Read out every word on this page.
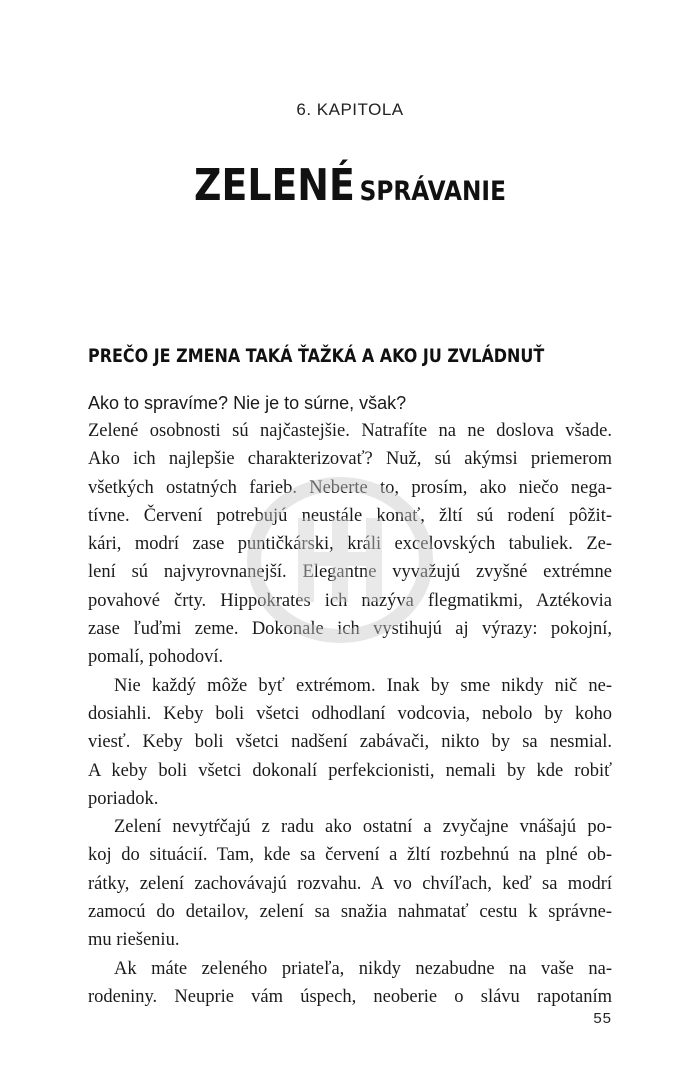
6. KAPITOLA
ZELENÉ SPRÁVANIE
PREČO JE ZMENA TAKÁ ŤAŽKÁ A AKO JU ZVLÁDNUŤ
Ako to spravíme? Nie je to súrne, však?
Zelené osobnosti sú najčastejšie. Natrafíte na ne doslova všade.
Ako ich najlepšie charakterizovať? Nuž, sú akýmsi priemerom
všetkých ostatných farieb. Neberte to, prosím, ako niečo nega-
tívne. Červení potrebujú neustále konať, žltí sú rodení pôžit-
kári, modrí zase puntičkárski, králi excelovských tabuliek. Ze-
lení sú najvyrovnanejší. Elegantne vyvažujú zvyšné extrémne
povahové črty. Hippokrates ich nazýva flegmatikmi, Aztékovia
zase ľuďmi zeme. Dokonale ich vystihujú aj výrazy: pokojní,
pomalí, pohodoví.
Nie každý môže byť extrémom. Inak by sme nikdy nič ne-
dosiahli. Keby boli všetci odhodlaní vodcovia, nebolo by koho
viesť. Keby boli všetci nadšení zabávači, nikto by sa nesmial.
A keby boli všetci dokonalí perfekcionisti, nemali by kde robiť
poriadok.
Zelení nevytŕčajú z radu ako ostatní a zvyčajne vnášajú po-
koj do situácií. Tam, kde sa červení a žltí rozbehnú na plné ob-
rátky, zelení zachovávajú rozvahu. A vo chvíľach, keď sa modrí
zamocú do detailov, zelení sa snažia nahmatať cestu k správne-
mu riešeniu.
Ak máte zeleného priateľa, nikdy nezabudne na vaše na-
rodeniny. Neuprie vám úspech, neoberie o slávu rapotaním
55
